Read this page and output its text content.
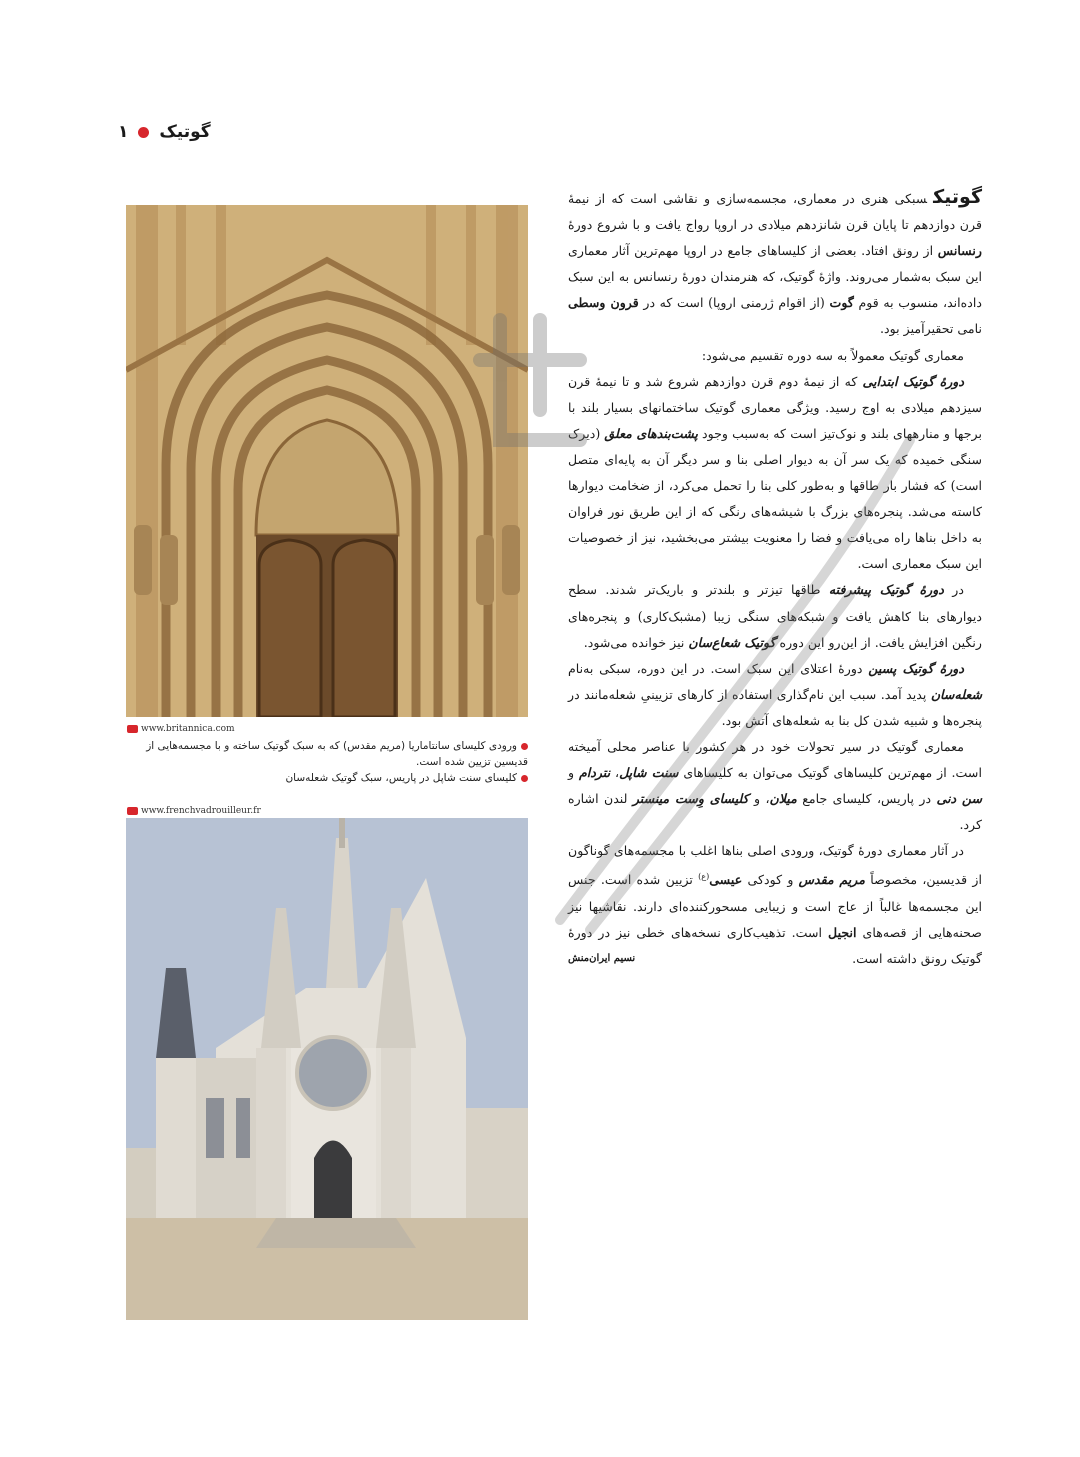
۱ گوتیک
www.britannica.com

ورودی کلیسای سانتاماریا (مریم مقدس) که به سبک گوتیک ساخته و با مجسمه‌هایی از قدیسین تزیین شده است.

کلیسای سنت شاپل در پاریس، سبک گوتیک شعله‌سان

www.frenchvadrouilleur.fr

گوتیکسبکی هنری در معماری، مجسمه‌سازی و نقاشی است که از نیمهٔ قرن دوازدهم تا پایان قرن شانزدهم میلادی در اروپا رواج یافت و با شروع دورهٔ رنسانس از رونق افتاد. بعضی از کلیساهای جامع در اروپا مهم‌ترین آثار معماری این سبک به‌شمار می‌روند. واژهٔ گوتیک، که هنرمندان دورهٔ رنسانس به این سبک داده‌اند، منسوب به قوم گوت (از اقوام ژرمنی اروپا) است که در قرون وسطی نامی تحقیرآمیز بود.

معماری گوتیک معمولاً به سه دوره تقسیم می‌شود:

دورهٔ گوتیک ابتدایی که از نیمهٔ دوم قرن دوازدهم شروع شد و تا نیمهٔ قرن سیزدهم میلادی به اوج رسید. ویژگی معماری گوتیک ساختمانهای بسیار بلند با برجها و منارههای بلند و نوک‌تیز است که به‌سبب وجود پشت‌بندهای معلق (دیرک سنگی خمیده که یک سر آن به دیوار اصلی بنا و سر دیگر آن به پایه‌ای متصل است) که فشار بار طاقها و به‌طور کلی بنا را تحمل می‌کرد، از ضخامت دیوارها کاسته می‌شد. پنجره‌های بزرگ با شیشه‌های رنگی که از این طریق نور فراوان به داخل بناها راه می‌یافت و فضا را معنویت بیشتر می‌بخشید، نیز از خصوصیات این سبک معماری است.

در دورهٔ گوتیک پیشرفته طاقها تیزتر و بلندتر و باریک‌تر شدند. سطح دیوارهای بنا کاهش یافت و شبکه‌های سنگی زیبا (مشبک‌کاری) و پنجره‌های رنگین افزایش یافت. از این‌رو این دوره گوتیک شعاع‌سان نیز خوانده می‌شود.

دورهٔ گوتیک پسین دورهٔ اعتلای این سبک است. در این دوره، سبکی به‌نام شعله‌سان پدید آمد. سبب این نام‌گذاری استفاده از کارهای تزیینیِ شعله‌مانند در پنجره‌ها و شبیه شدن کل بنا به شعله‌های آتش بود.

معماری گوتیک در سیر تحولات خود در هر کشور با عناصر محلی آمیخته است. از مهم‌ترین کلیساهای گوتیک می‌توان به کلیساهای سنت شاپل، نتردام و سن دنی در پاریس، کلیسای جامع میلان، و کلیسای وِست مینستر لندن اشاره کرد.

در آثار معماری دورهٔ گوتیک، ورودی اصلی بناها اغلب با مجسمه‌های گوناگون از قدیسین، مخصوصاً مریم مقدس و کودکی عیسی$^{(ع)}$ تزیین شده است. جنس این مجسمه‌ها غالباً از عاج است و زیبایی مسحورکننده‌ای دارند. نقاشیها نیز صحنه‌هایی از قصه‌های انجیل است. تذهیب‌کاری نسخه‌های خطی نیز در دورهٔ گوتیک رونق داشته است.

نسیم ایران‌منش
